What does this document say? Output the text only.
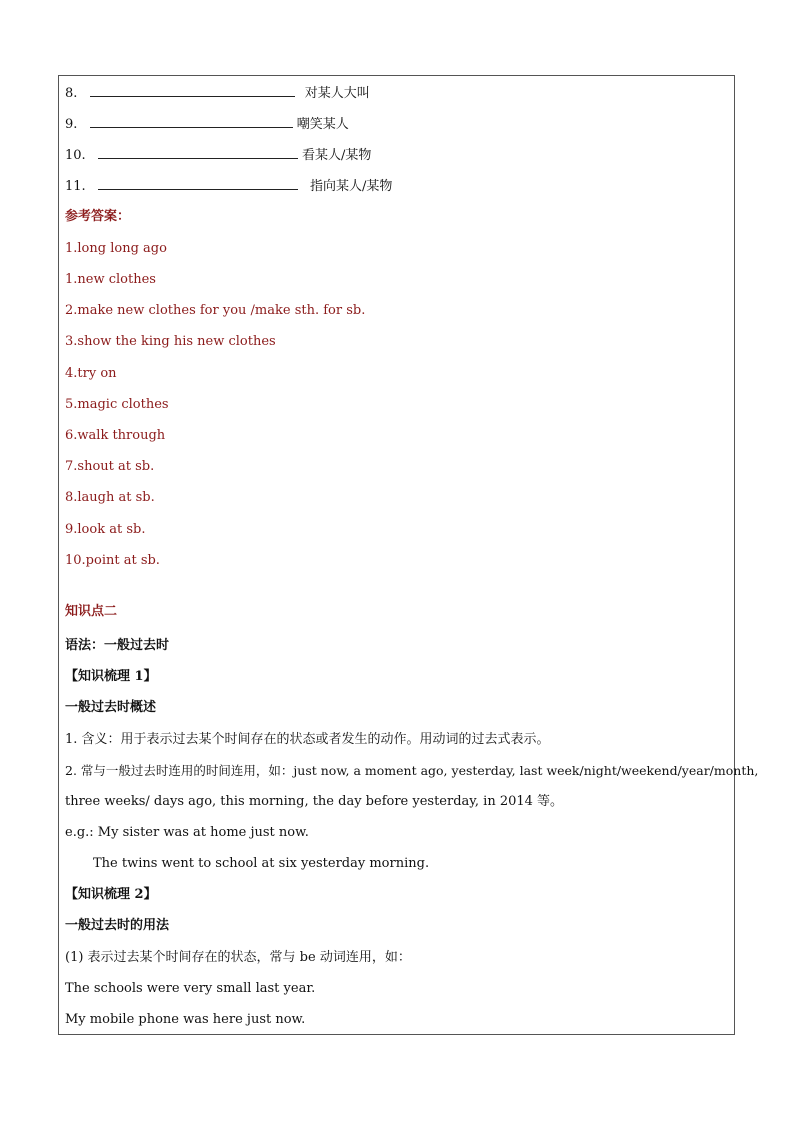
8.	对某人大叫
9.	嘲笑某人
10.	看某人/某物
11.	指向某人/某物
参考答案：
1.long long ago
1.new clothes
2.make new clothes for you /make sth. for sb.
3.show the king his new clothes
4.try on
5.magic clothes
6.walk through
7.shout at sb.
8.laugh at sb.
9.look at sb.
10.point at sb.
知识点二
语法：一般过去时
【知识梳理 1】
一般过去时概述
1. 含义：用于表示过去某个时间存在的状态或者发生的动作。用动词的过去式表示。
2. 常与一般过去时连用的时间连用，如：just now, a moment ago, yesterday, last week/night/weekend/year/month,
three weeks/ days ago, this morning, the day before yesterday, in 2014 等。
e.g.: My sister was at home just now.
The twins went to school at six yesterday morning.
【知识梳理 2】
一般过去时的用法
(1) 表示过去某个时间存在的状态，常与 be 动词连用，如：
The schools were very small last year.
My mobile phone was here just now.
